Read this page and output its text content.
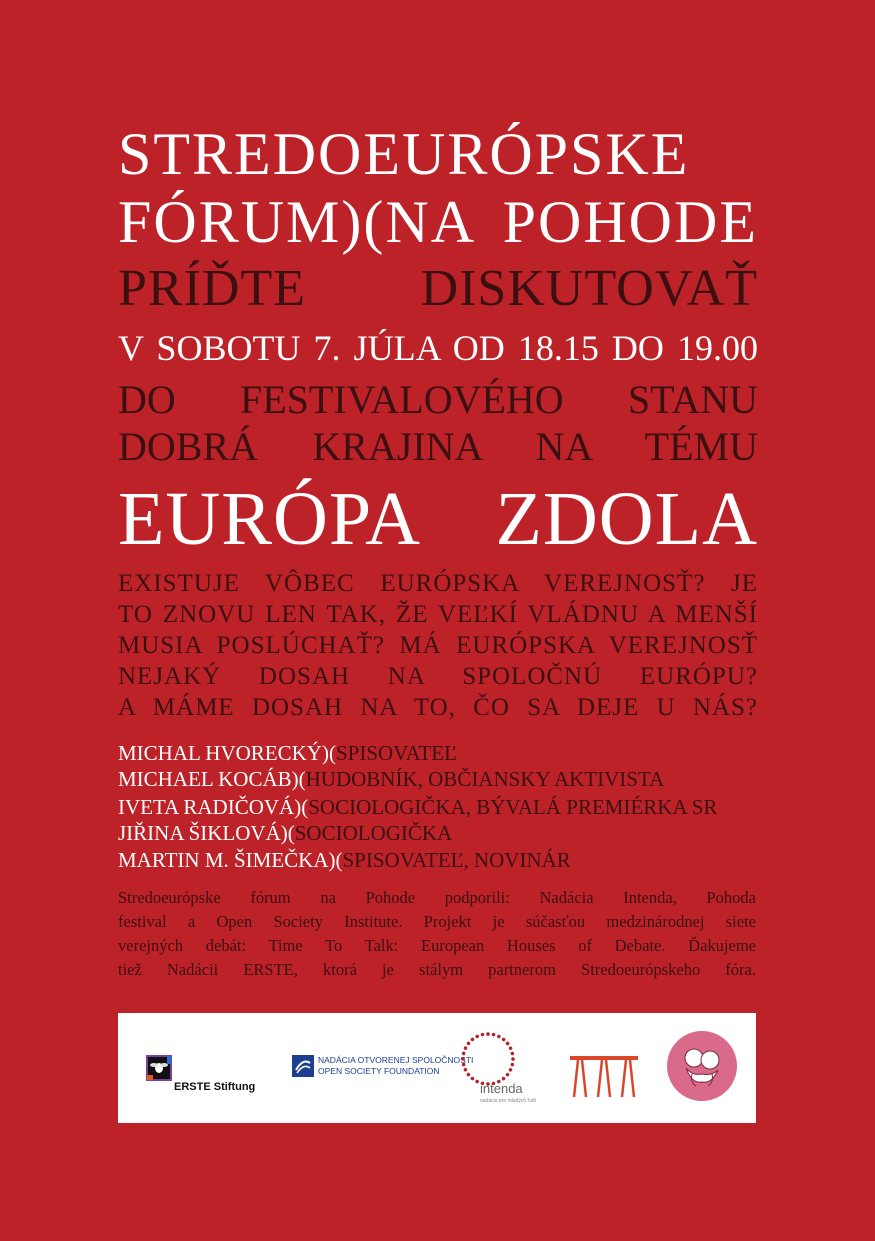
STREDOEURÓPSKE
FÓRUM)(NA POHODE
PRÍĎTE DISKUTOVAŤ
V SOBOTU 7. JÚLA OD 18.15 DO 19.00
DO FESTIVALOVÉHO STANU
DOBRÁ KRAJINA NA TÉMU
EURÓPA ZDOLA
EXISTUJE VÔBEC EURÓPSKA VEREJNOSŤ? JE
TO ZNOVU LEN TAK, ŽE VEĽKÍ VLÁDNU A MENŠÍ
MUSIA POSLÚCHAŤ? MÁ EURÓPSKA VEREJNOSŤ
NEJAKÝ DOSAH NA SPOLOČNÚ EURÓPU?
A MÁME DOSAH NA TO, ČO SA DEJE U NÁS?
MICHAL HVORECKÝ)(SPISOVATEĽ
MICHAEL KOCÁB)(HUDOBNÍK, OBČIANSKY AKTIVISTA
IVETA RADIČOVÁ)(SOCIOLOGIČKA, BÝVALÁ PREMIÉRKA SR
JIŘINA ŠIKLOVÁ)(SOCIOLOGIČKA
MARTIN M. ŠIMEČKA)(SPISOVATEĽ, NOVINÁR
Stredoeurópske fórum na Pohode podporili: Nadácia Intenda, Pohoda
festival a Open Society Institute. Projekt je súčasťou medzinárodnej siete
verejných debát: Time To Talk: European Houses of Debate. Ďakujeme
tiež Nadácii ERSTE, ktorá je stálym partnerom Stredoeurópskeho fóra.
ERSTE Stiftung
NADÁCIA OTVORENEJ SPOLOČNOSTI
OPEN SOCIETY FOUNDATION
intenda
nadácia pre mladých ľudí
